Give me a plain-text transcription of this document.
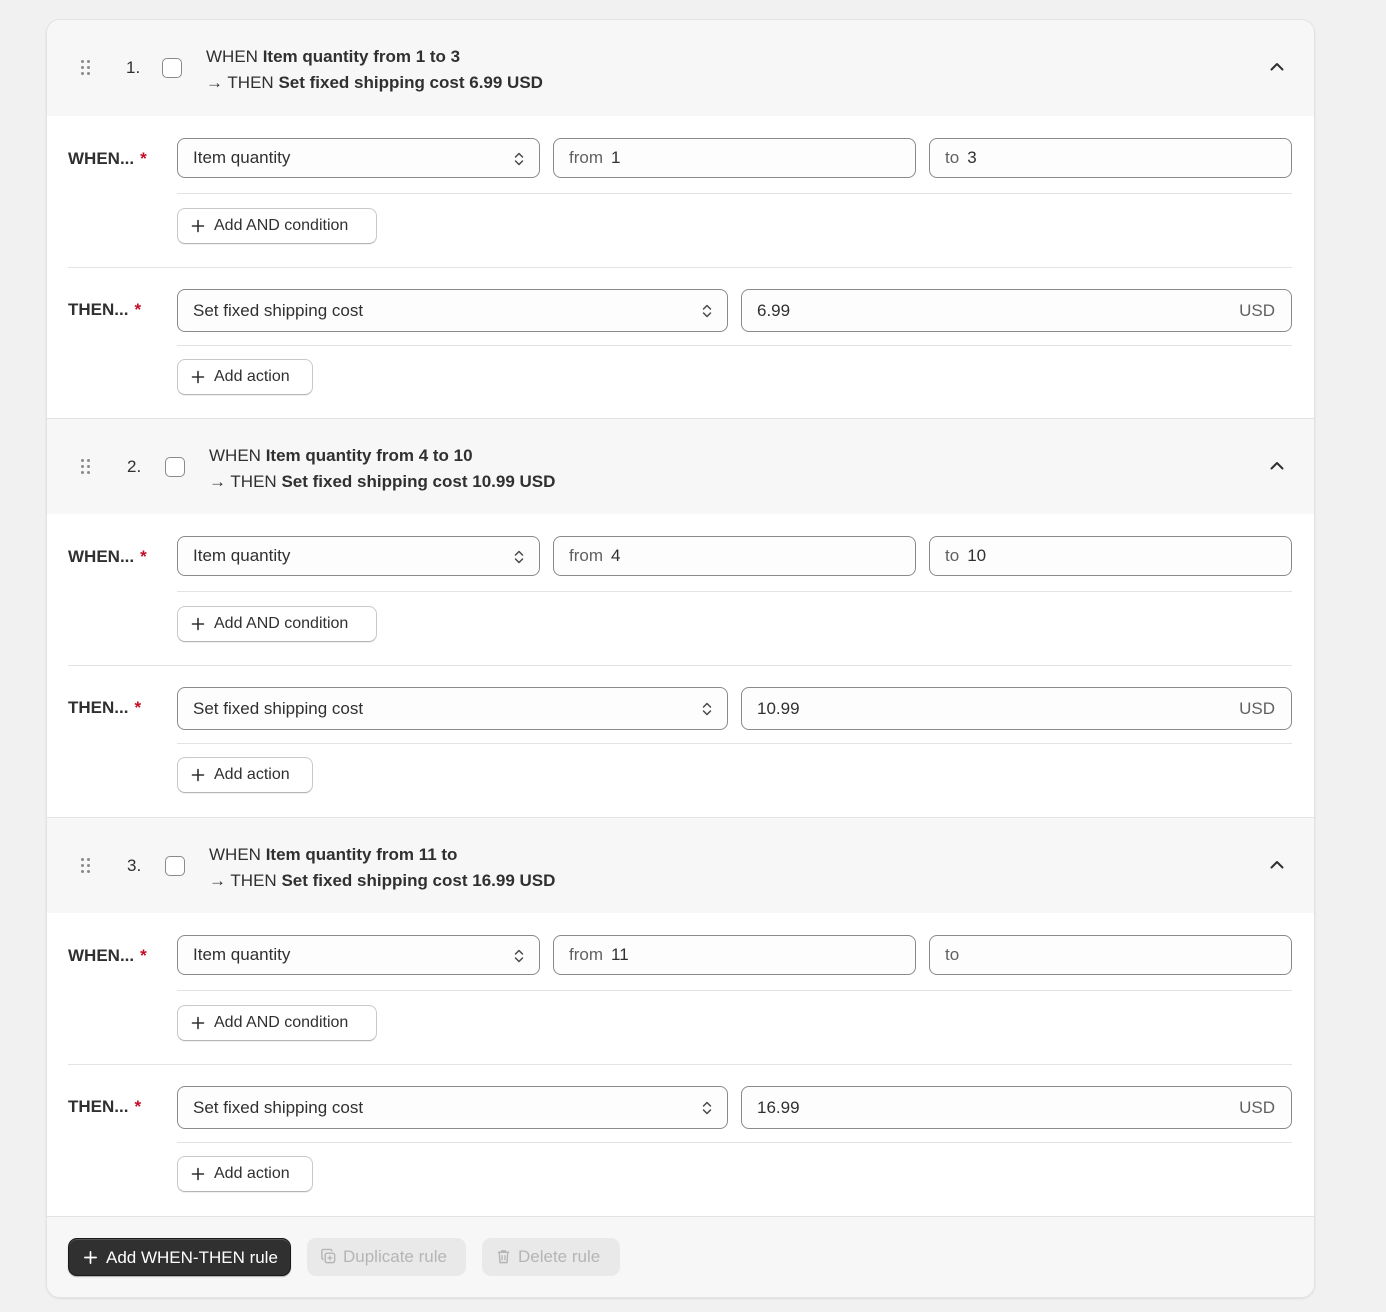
1.
WHEN Item quantity from 1 to 3
→ THEN Set fixed shipping cost 6.99 USD
WHEN... *	Item quantity	from 1	to 3
Add AND condition
THEN... *	Set fixed shipping cost	6.99	USD
Add action
2.
WHEN Item quantity from 4 to 10
→ THEN Set fixed shipping cost 10.99 USD
WHEN... *	Item quantity	from 4	to 10
Add AND condition
THEN... *	Set fixed shipping cost	10.99	USD
Add action
3.
WHEN Item quantity from 11 to
→ THEN Set fixed shipping cost 16.99 USD
WHEN... *	Item quantity	from 11	to
Add AND condition
THEN... *	Set fixed shipping cost	16.99	USD
Add action
Add WHEN-THEN rule	Duplicate rule	Delete rule
